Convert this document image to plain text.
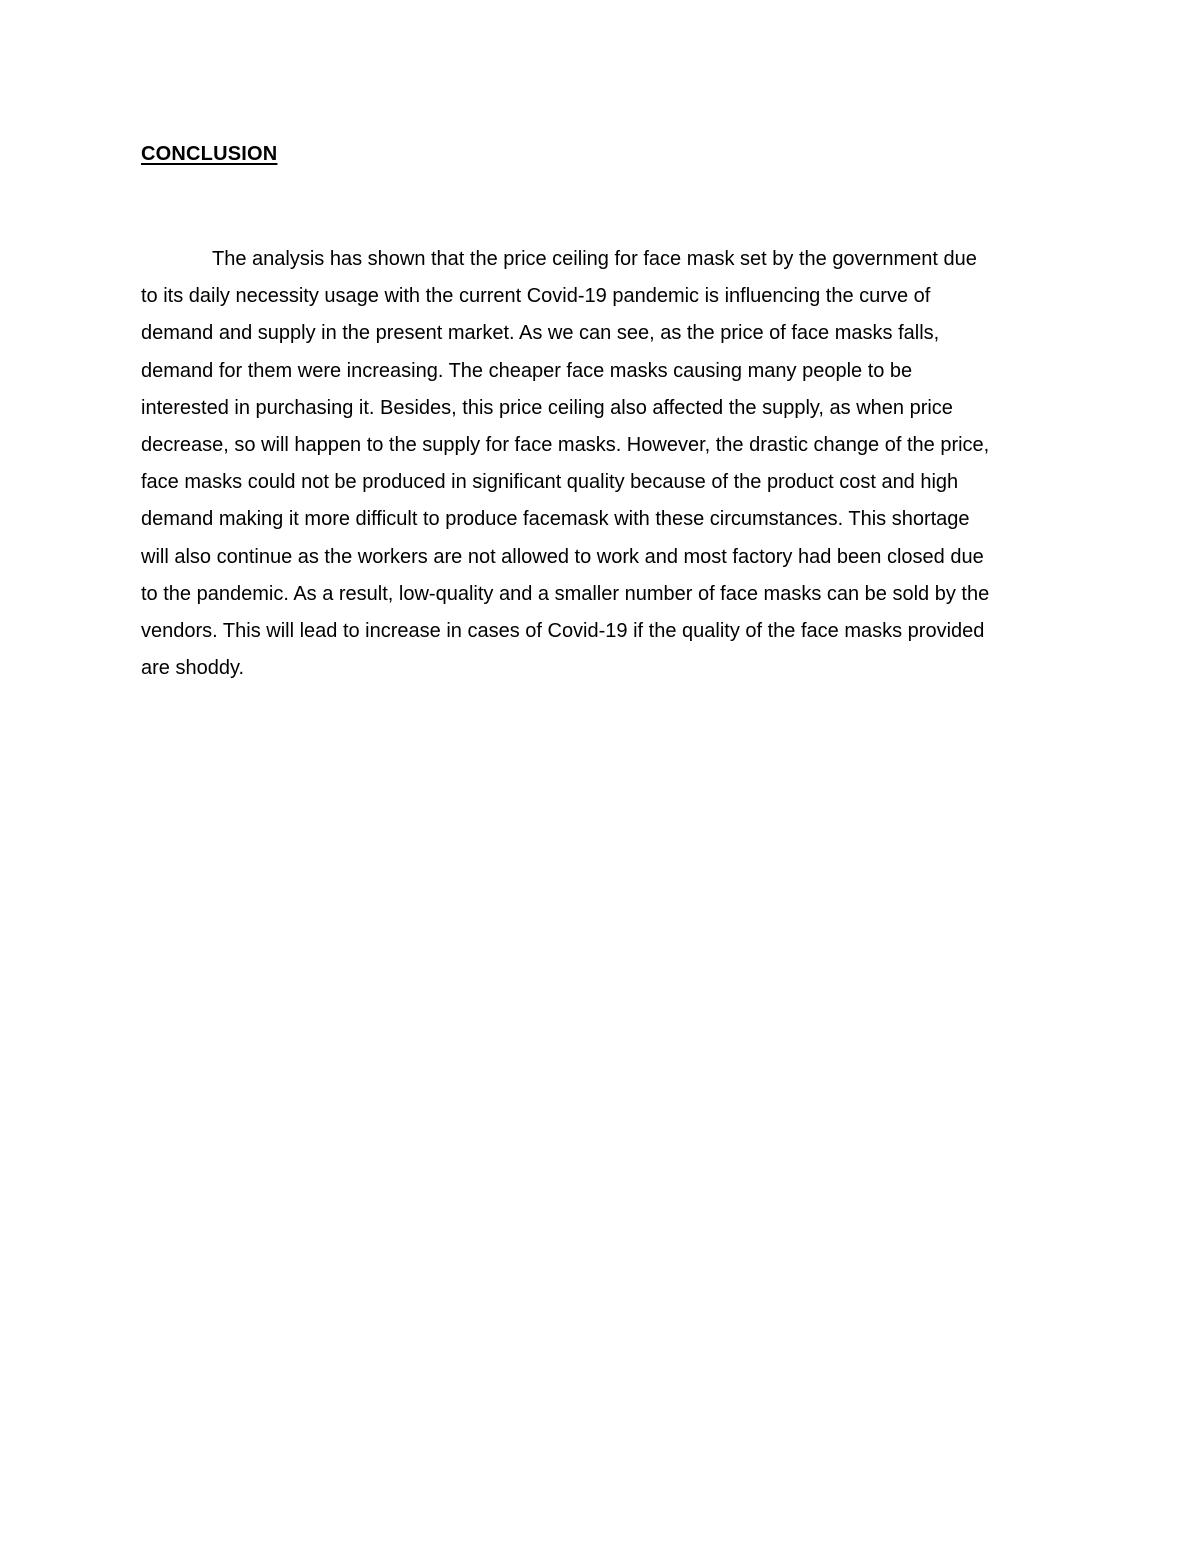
CONCLUSION
The analysis has shown that the price ceiling for face mask set by the government due
to its daily necessity usage with the current Covid-19 pandemic is influencing the curve of
demand and supply in the present market. As we can see, as the price of face masks falls,
demand for them were increasing. The cheaper face masks causing many people to be
interested in purchasing it. Besides, this price ceiling also affected the supply, as when price
decrease, so will happen to the supply for face masks. However, the drastic change of the price,
face masks could not be produced in significant quality because of the product cost and high
demand making it more difficult to produce facemask with these circumstances. This shortage
will also continue as the workers are not allowed to work and most factory had been closed due
to the pandemic. As a result, low-quality and a smaller number of face masks can be sold by the
vendors. This will lead to increase in cases of Covid-19 if the quality of the face masks provided
are shoddy.
